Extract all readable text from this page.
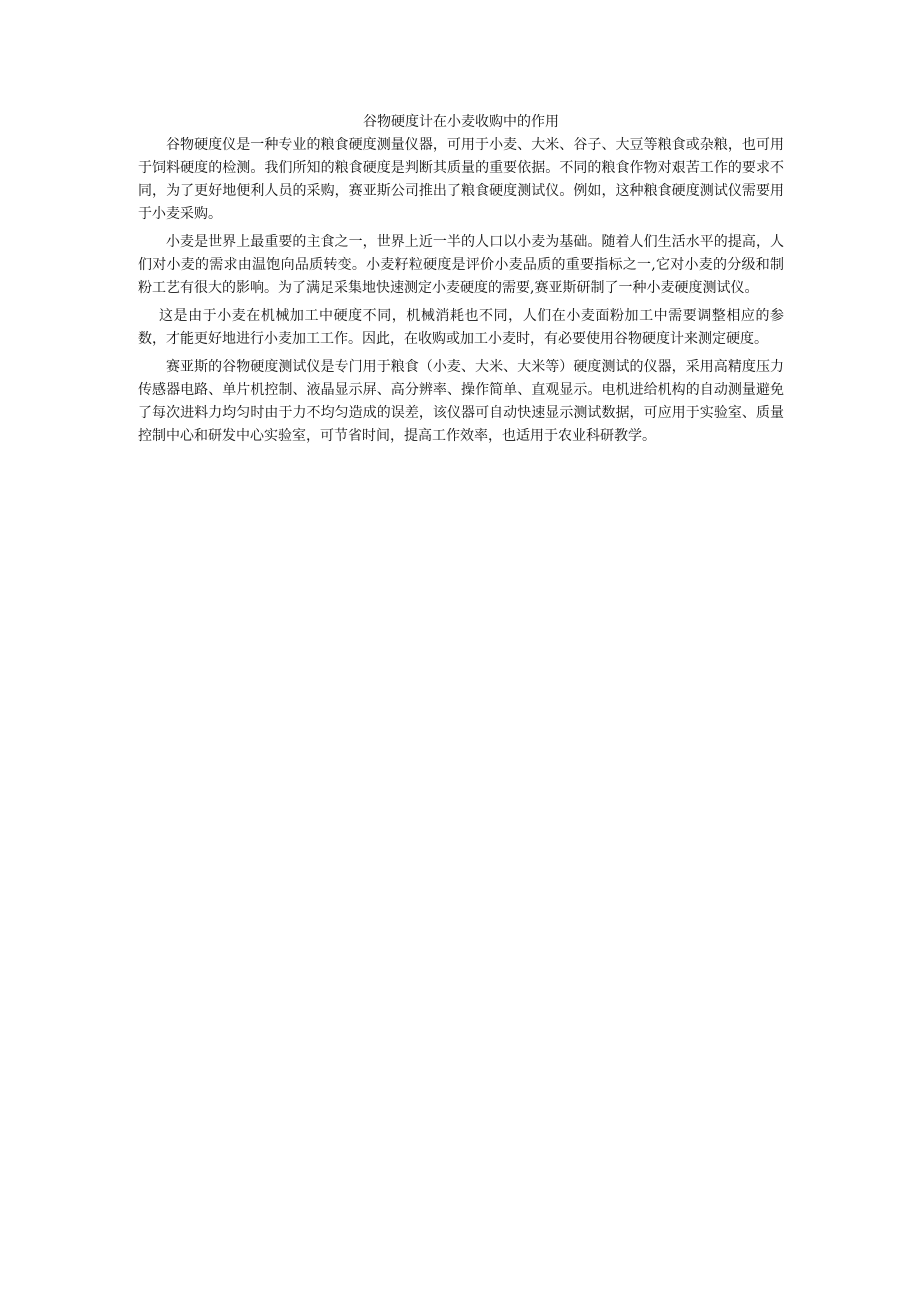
谷物硬度计在小麦收购中的作用

谷物硬度仪是一种专业的粮食硬度测量仪器，可用于小麦、大米、谷子、大豆等粮食或杂粮，也可用于饲料硬度的检测。我们所知的粮食硬度是判断其质量的重要依据。不同的粮食作物对艰苦工作的要求不同，为了更好地便利人员的采购，赛亚斯公司推出了粮食硬度测试仪。例如，这种粮食硬度测试仪需要用于小麦采购。

小麦是世界上最重要的主食之一，世界上近一半的人口以小麦为基础。随着人们生活水平的提高，人们对小麦的需求由温饱向品质转变。小麦籽粒硬度是评价小麦品质的重要指标之一,它对小麦的分级和制粉工艺有很大的影响。为了满足采集地快速测定小麦硬度的需要,赛亚斯研制了一种小麦硬度测试仪。

这是由于小麦在机械加工中硬度不同，机械消耗也不同，人们在小麦面粉加工中需要调整相应的参数，才能更好地进行小麦加工工作。因此，在收购或加工小麦时，有必要使用谷物硬度计来测定硬度。

赛亚斯的谷物硬度测试仪是专门用于粮食（小麦、大米、大米等）硬度测试的仪器，采用高精度压力传感器电路、单片机控制、液晶显示屏、高分辨率、操作简单、直观显示。电机进给机构的自动测量避免了每次进料力均匀时由于力不均匀造成的误差，该仪器可自动快速显示测试数据，可应用于实验室、质量控制中心和研发中心实验室，可节省时间，提高工作效率，也适用于农业科研教学。
